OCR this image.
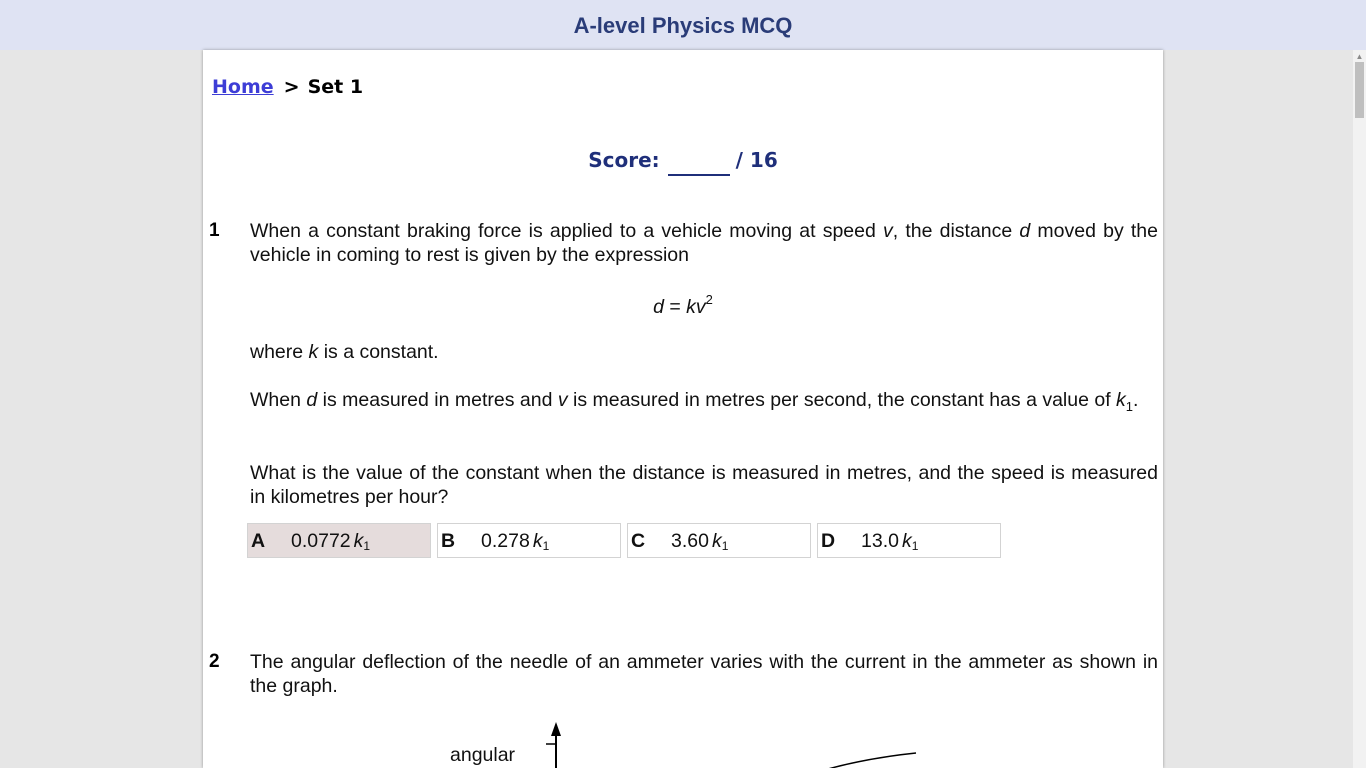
A-level Physics MCQ
Home > Set 1
Score:	/ 16
1 When a constant braking force is applied to a vehicle moving at speed v, the distance d moved by the vehicle in coming to rest is given by the expression

$d = kv^2$

where k is a constant.

When d is measured in metres and v is measured in metres per second, the constant has a value of $k_1$.

What is the value of the constant when the distance is measured in metres, and the speed is measured in kilometres per hour?

A 0.0772 $k_1$	B 0.278 $k_1$	C 3.60 $k_1$	D 13.0 $k_1$
2 The angular deflection of the needle of an ammeter varies with the current in the ammeter as shown in the graph.

angular
▲
